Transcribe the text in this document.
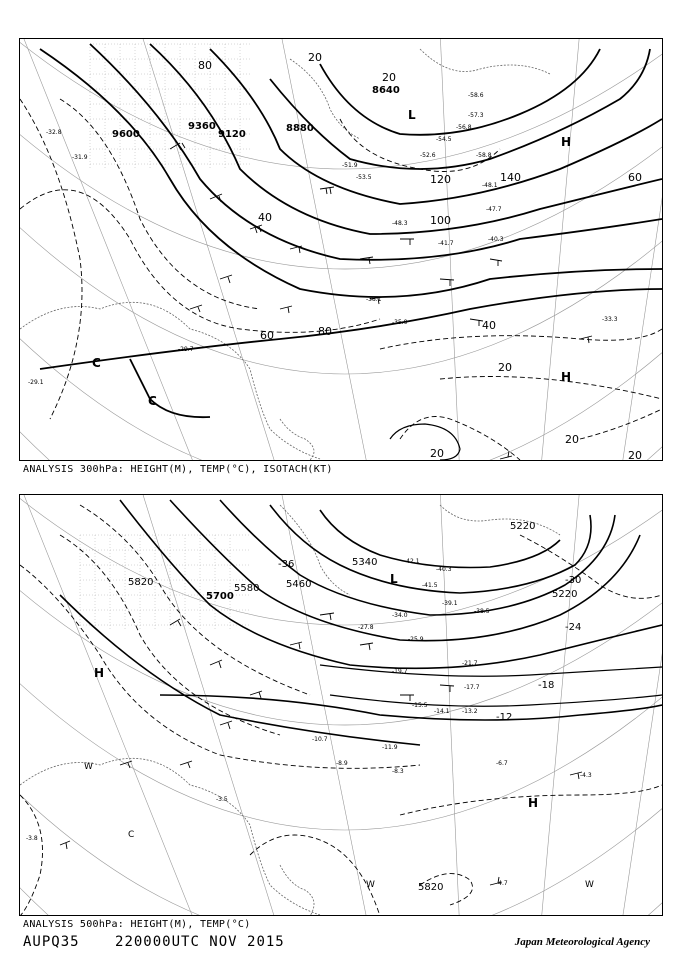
9600
9360
9120
8880
8640
20
40
60
80
100
120	140
20
40
60
80
20
20
20	20
L
H
H
C
C
-31.9
-32.8
-29.1
-29.7
-33.3
-35.9
-38.1
-40.3
-41.7
-47.7
-48.3
-51.9
-53.5
-54.5
-56.8
-57.3
-58.8
-58.6
-52.6
-48.1
ANALYSIS 300hPa: HEIGHT(M), TEMP(°C), ISOTACH(KT)
5820
5700
5580	5460
5340
5220
5220
5820
-36
-30
-24
-18
-12
H
H
L
W
W	W
C
-42.1
-40.3
-41.5
-39.1
-38.5
-34.0
-27.8
-25.9
-21.7
-19.7
-17.7
-15.5
-14.1 -13.2
-11.9
-10.7
-8.9
-8.3
-6.7
-4.7
-4.3
-3.8
-3.5
ANALYSIS 500hPa: HEIGHT(M), TEMP(°C)
AUPQ35	220000UTC NOV 2015	Japan Meteorological Agency
